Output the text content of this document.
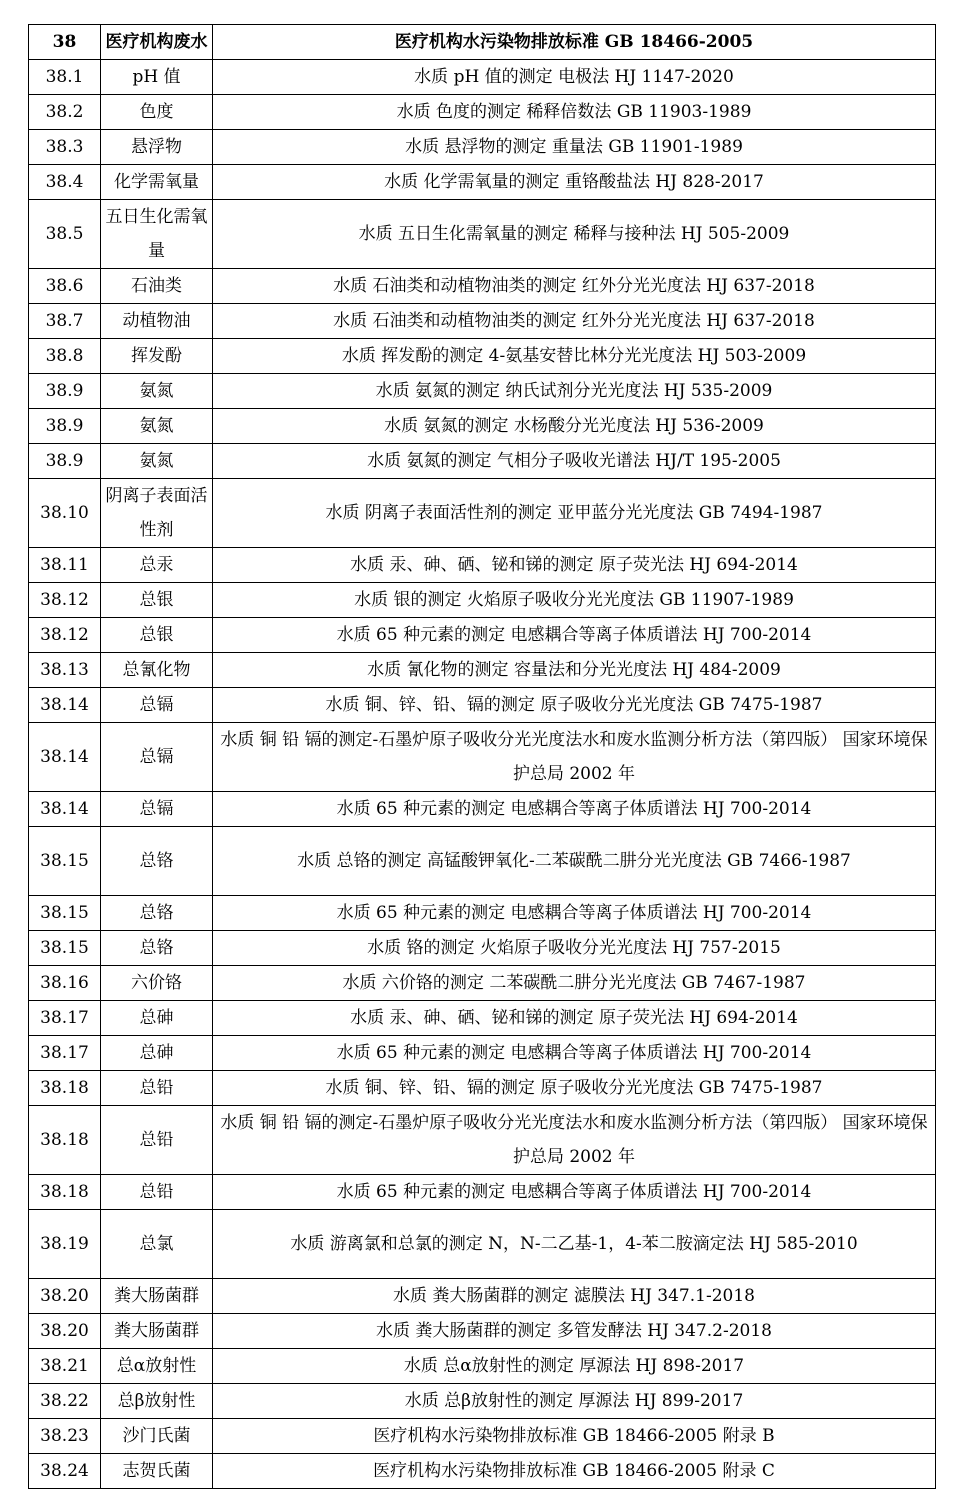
38	医疗机构废水	医疗机构水污染物排放标准 GB 18466-2005
38.1	pH 值	水质 pH 值的测定 电极法 HJ 1147-2020
38.2	色度	水质 色度的测定 稀释倍数法 GB 11903-1989
38.3	悬浮物	水质 悬浮物的测定 重量法 GB 11901-1989
38.4	化学需氧量	水质 化学需氧量的测定 重铬酸盐法 HJ 828-2017
38.5	五日生化需氧量	水质 五日生化需氧量的测定 稀释与接种法 HJ 505-2009
38.6	石油类	水质 石油类和动植物油类的测定 红外分光光度法 HJ 637-2018
38.7	动植物油	水质 石油类和动植物油类的测定 红外分光光度法 HJ 637-2018
38.8	挥发酚	水质 挥发酚的测定 4-氨基安替比林分光光度法 HJ 503-2009
38.9	氨氮	水质 氨氮的测定 纳氏试剂分光光度法 HJ 535-2009
38.9	氨氮	水质 氨氮的测定 水杨酸分光光度法 HJ 536-2009
38.9	氨氮	水质 氨氮的测定 气相分子吸收光谱法 HJ/T 195-2005
38.10	阴离子表面活性剂	水质 阴离子表面活性剂的测定 亚甲蓝分光光度法 GB 7494-1987
38.11	总汞	水质 汞、砷、硒、铋和锑的测定 原子荧光法 HJ 694-2014
38.12	总银	水质 银的测定 火焰原子吸收分光光度法 GB 11907-1989
38.12	总银	水质 65 种元素的测定 电感耦合等离子体质谱法 HJ 700-2014
38.13	总氰化物	水质 氰化物的测定 容量法和分光光度法 HJ 484-2009
38.14	总镉	水质 铜、锌、铅、镉的测定 原子吸收分光光度法 GB 7475-1987
38.14	总镉	水质 铜 铅 镉的测定-石墨炉原子吸收分光光度法水和废水监测分析方法（第四版） 国家环境保护总局 2002 年
38.14	总镉	水质 65 种元素的测定 电感耦合等离子体质谱法 HJ 700-2014
38.15	总铬	水质 总铬的测定 高锰酸钾氧化-二苯碳酰二肼分光光度法 GB 7466-1987
38.15	总铬	水质 65 种元素的测定 电感耦合等离子体质谱法 HJ 700-2014
38.15	总铬	水质 铬的测定 火焰原子吸收分光光度法 HJ 757-2015
38.16	六价铬	水质 六价铬的测定 二苯碳酰二肼分光光度法 GB 7467-1987
38.17	总砷	水质 汞、砷、硒、铋和锑的测定 原子荧光法 HJ 694-2014
38.17	总砷	水质 65 种元素的测定 电感耦合等离子体质谱法 HJ 700-2014
38.18	总铅	水质 铜、锌、铅、镉的测定 原子吸收分光光度法 GB 7475-1987
38.18	总铅	水质 铜 铅 镉的测定-石墨炉原子吸收分光光度法水和废水监测分析方法（第四版） 国家环境保护总局 2002 年
38.18	总铅	水质 65 种元素的测定 电感耦合等离子体质谱法 HJ 700-2014
38.19	总氯	水质 游离氯和总氯的测定 N，N-二乙基-1，4-苯二胺滴定法 HJ 585-2010
38.20	粪大肠菌群	水质 粪大肠菌群的测定 滤膜法 HJ 347.1-2018
38.20	粪大肠菌群	水质 粪大肠菌群的测定 多管发酵法 HJ 347.2-2018
38.21	总α放射性	水质 总α放射性的测定 厚源法 HJ 898-2017
38.22	总β放射性	水质 总β放射性的测定 厚源法 HJ 899-2017
38.23	沙门氏菌	医疗机构水污染物排放标准 GB 18466-2005 附录 B
38.24	志贺氏菌	医疗机构水污染物排放标准 GB 18466-2005 附录 C
